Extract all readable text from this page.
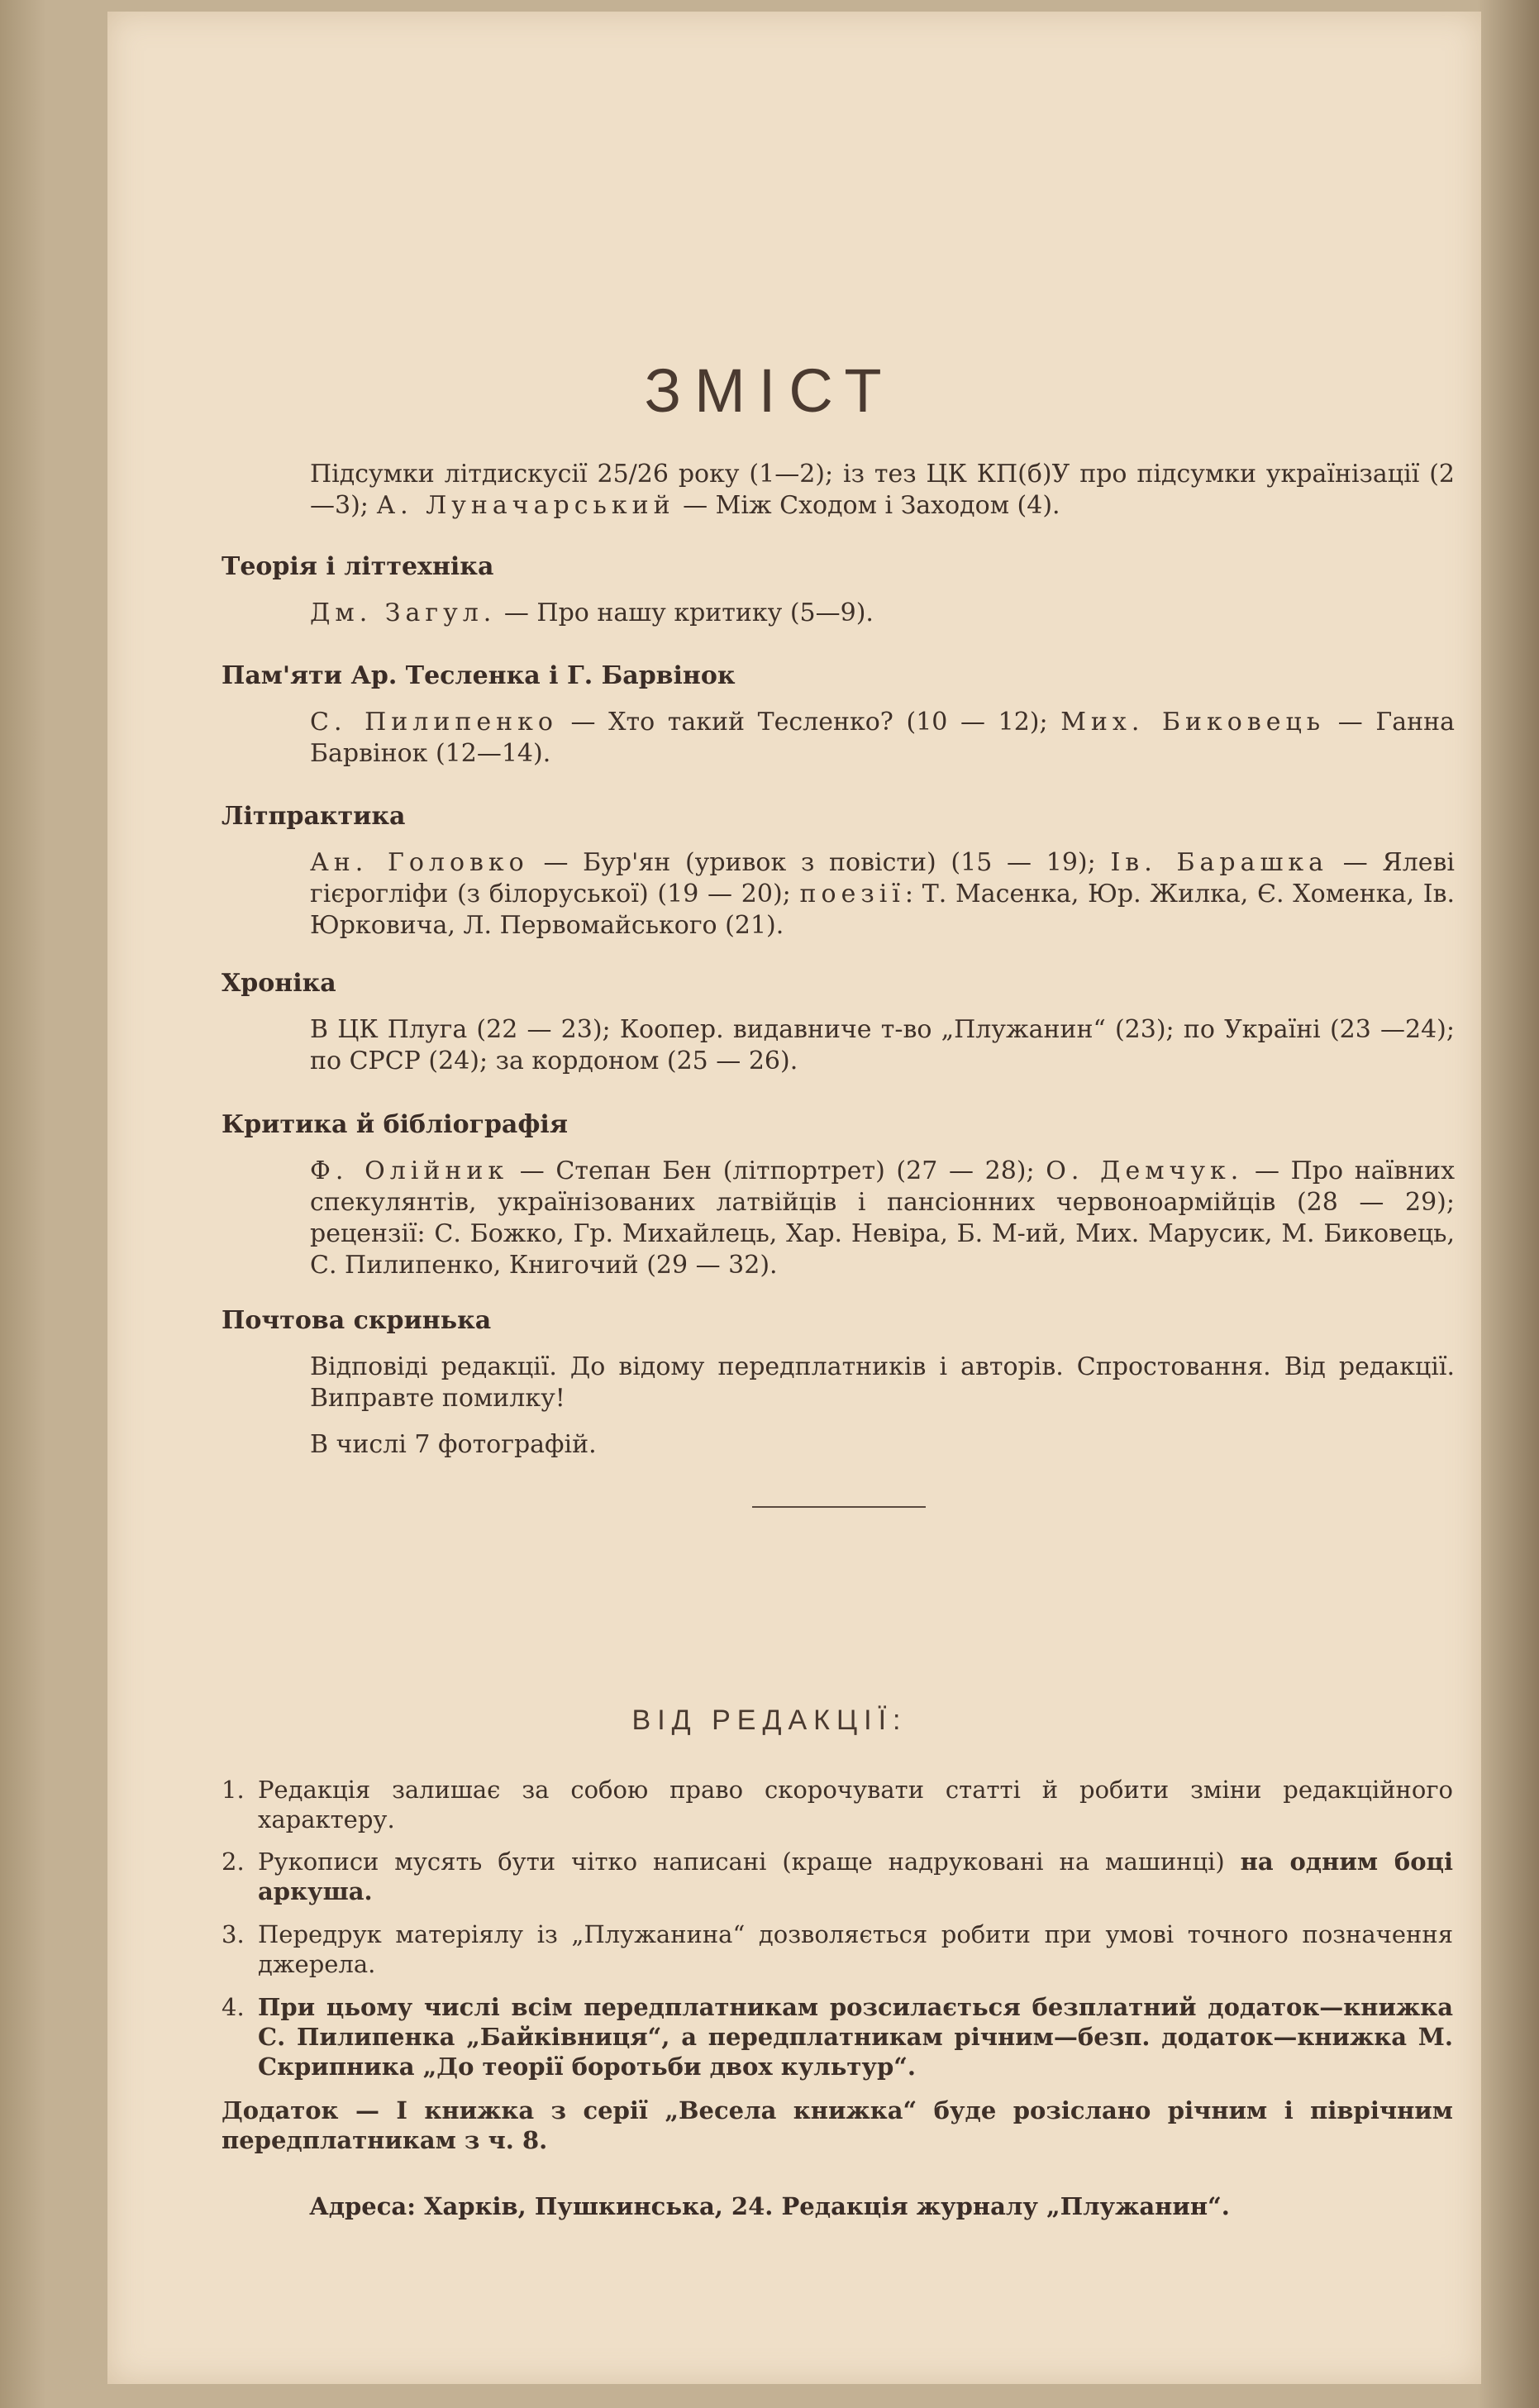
ЗМІСТ
Підсумки літдискусії 25/26 року (1—2); із тез ЦК КП(б)У про підсумки українізації (2—3); А. Луначарський — Між Сходом і Заходом (4).
Теорія і літтехніка
Дм. Загул. — Про нашу критику (5—9).
Пам'яти Ар. Тесленка і Г. Барвінок
С. Пилипенко — Хто такий Тесленко? (10 — 12); Мих. Биковець — Ганна Барвінок (12—14).
Літпрактика
Ан. Головко — Бур'ян (уривок з повісти) (15 — 19); Ів. Барашка — Ялеві гієрогліфи (з білоруської) (19 — 20); поезії: Т. Масенка, Юр. Жилка, Є. Хоменка, Ів. Юрковича, Л. Первомайського (21).
Хроніка
В ЦК Плуга (22 — 23); Коопер. видавниче т-во „Плужанин“ (23); по Україні (23 —24); по СРСР (24); за кордоном (25 — 26).
Критика й бібліографія
Ф. Олійник — Степан Бен (літпортрет) (27 — 28); О. Демчук. — Про наївних спекулянтів, українізованих латвійців і пансіонних червоноармійців (28 — 29); рецензії: С. Божко, Гр. Михайлець, Хар. Невіра, Б. М-ий, Мих. Марусик, М. Биковець, С. Пилипенко, Книгочий (29 — 32).
Почтова скринька
Відповіді редакції. До відому передплатників і авторів. Спростовання. Від редакції. Виправте помилку!
В числі 7 фотографій.
ВІД РЕДАКЦІЇ:
1. Редакція залишає за собою право скорочувати статті й робити зміни редакційного характеру.
2. Рукописи мусять бути чітко написані (краще надруковані на машинці) на одним боці аркуша.
3. Передрук матеріялу із „Плужанина“ дозволяється робити при умові точного позначення джерела.
4. При цьому числі всім передплатникам розсилається безплатний додаток—книжка С. Пилипенка „Байківниця“, а передплатникам річним—безп. додаток—книжка М. Скрипника „До теорії боротьби двох культур“.
Додаток — I книжка з серії „Весела книжка“ буде розіслано річним і піврічним передплатникам з ч. 8.
Адреса: Харків, Пушкинська, 24. Редакція журналу „Плужанин“.
